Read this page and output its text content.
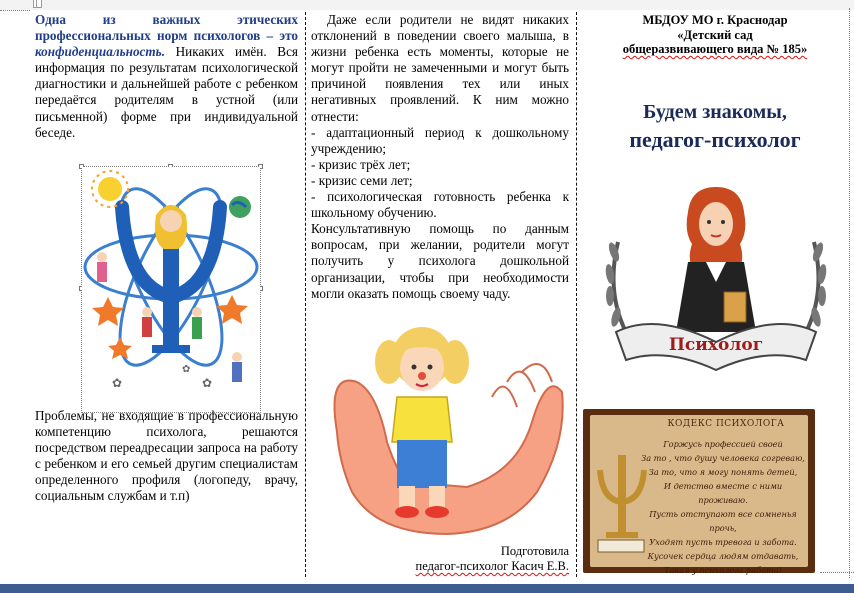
Одна из важных этических профессиональных норм психологов – это конфиденциальность. Никаких имён. Вся информация по результатам психологической диагностики и дальнейшей работе с ребенком передаётся родителям в устной (или письменной) форме при индивидуальной беседе.

✿
✿
✿

Проблемы, не входящие в профессиональную компетенцию психолога, решаются посредством переадресации запроса на работу с ребенком и его семьей другим специалистам определенного профиля (логопеду, врачу, социальным службам и т.п)

Даже если родители не видят никаких отклонений в поведении своего малыша, в жизни ребенка есть моменты, которые не могут пройти не замеченными и могут быть причиной появления тех или иных негативных проявлений. К ним можно отнести:

- адаптационный период к дошкольному учреждению;
- кризис трёх лет;
- кризис семи лет;
- психологическая готовность ребенка к школьному обучению.

Консультативную помощь по данным вопросам, при желании, родители могут получить у психолога дошкольной организации, чтобы при необходимости могли оказать помощь своему чаду.

Подготовила
педагог-психолог Касич Е.В.
МБДОУ МО г. Краснодар
«Детский сад
общеразвивающего вида № 185»
Будем знакомы,
педагог-психолог
Психолог
КОДЕКС ПСИХОЛОГА
Горжусь профессией своей
За то , что душу человека согреваю,
За то, что я могу понять детей,
И детство вместе с ними проживаю.
Пусть отступают все сомненья прочь,
Уходят пусть тревога и забота.
Кусочек сердца людям отдавать,
Такая у психолога работа!
